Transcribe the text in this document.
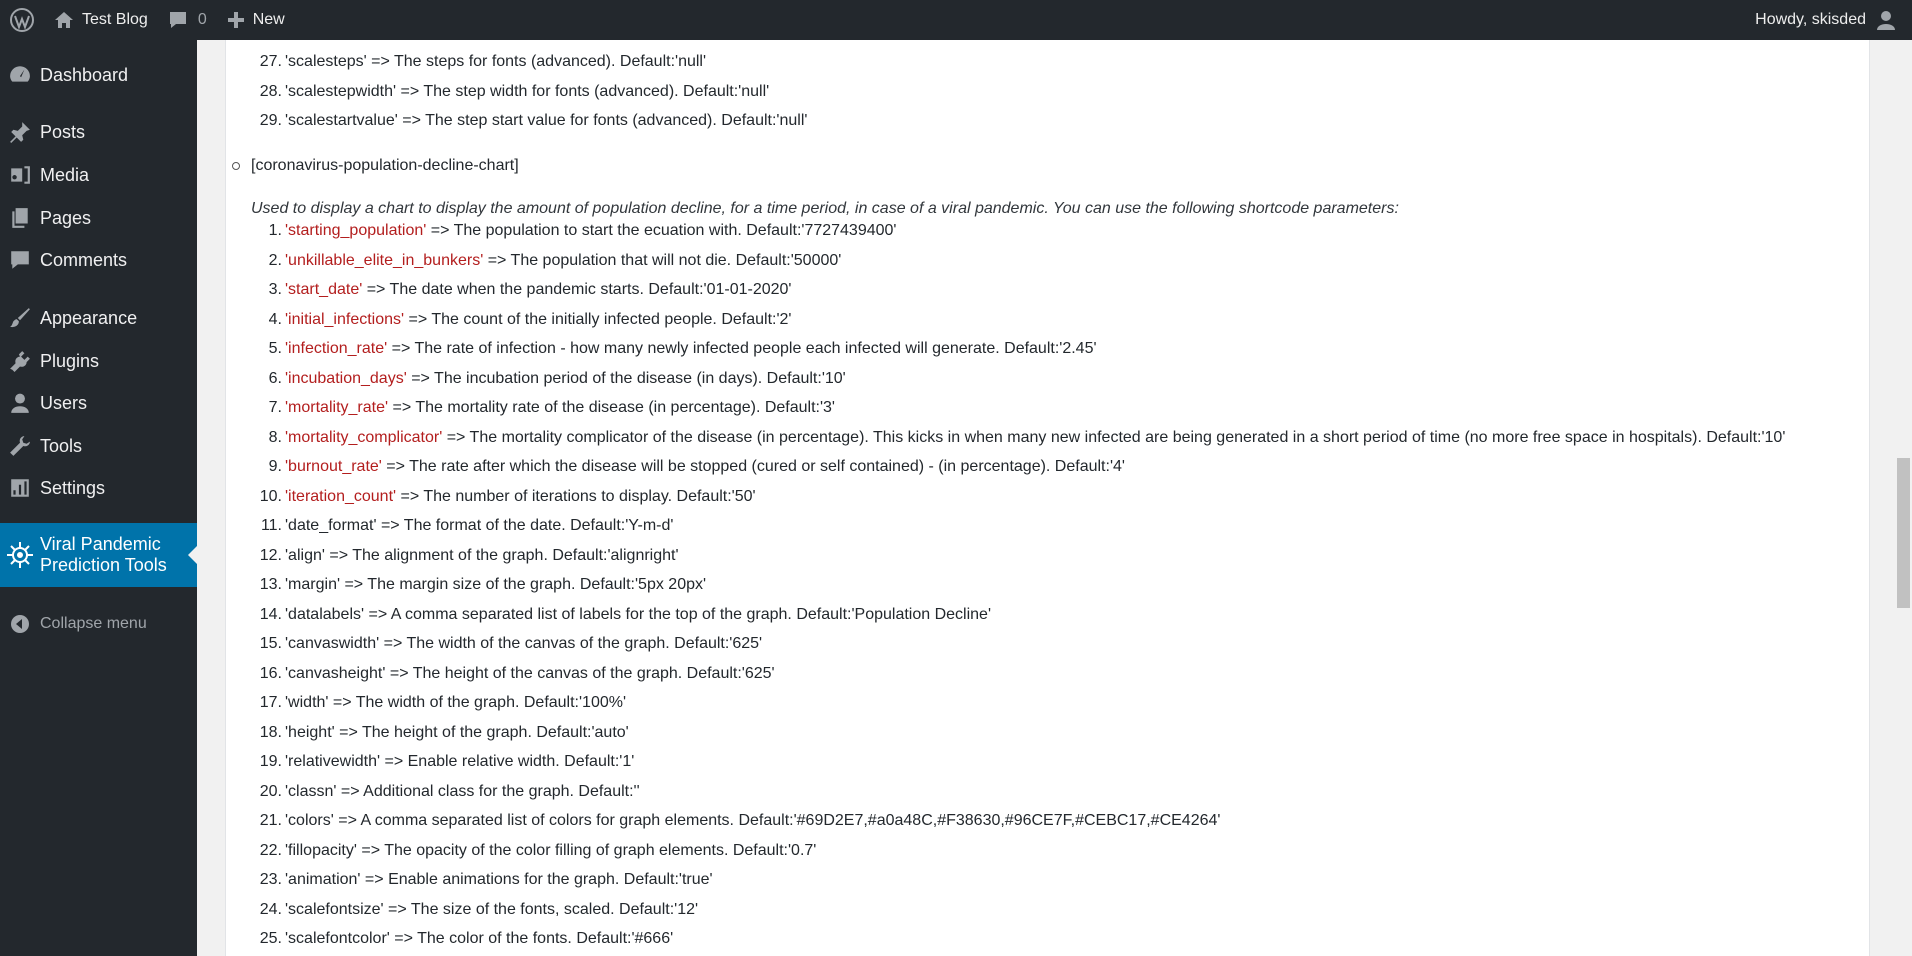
Test Blog	0	New	Howdy, skisded
Dashboard
Posts
Media
Pages
Comments
Appearance
Plugins
Users
Tools
Settings
Viral Pandemic
Prediction Tools
Collapse menu
27. 'scalesteps' => The steps for fonts (advanced). Default:'null'
28. 'scalestepwidth' => The step width for fonts (advanced). Default:'null'
29. 'scalestartvalue' => The step start value for fonts (advanced). Default:'null'
[coronavirus-population-decline-chart]
Used to display a chart to display the amount of population decline, for a time period, in case of a viral pandemic. You can use the following shortcode parameters:
1. 'starting_population' => The population to start the ecuation with. Default:'7727439400'
2. 'unkillable_elite_in_bunkers' => The population that will not die. Default:'50000'
3. 'start_date' => The date when the pandemic starts. Default:'01-01-2020'
4. 'initial_infections' => The count of the initially infected people. Default:'2'
5. 'infection_rate' => The rate of infection - how many newly infected people each infected will generate. Default:'2.45'
6. 'incubation_days' => The incubation period of the disease (in days). Default:'10'
7. 'mortality_rate' => The mortality rate of the disease (in percentage). Default:'3'
8. 'mortality_complicator' => The mortality complicator of the disease (in percentage). This kicks in when many new infected are being generated in a short period of time (no more free space in hospitals). Default:'10'
9. 'burnout_rate' => The rate after which the disease will be stopped (cured or self contained) - (in percentage). Default:'4'
10. 'iteration_count' => The number of iterations to display. Default:'50'
11. 'date_format' => The format of the date. Default:'Y-m-d'
12. 'align' => The alignment of the graph. Default:'alignright'
13. 'margin' => The margin size of the graph. Default:'5px 20px'
14. 'datalabels' => A comma separated list of labels for the top of the graph. Default:'Population Decline'
15. 'canvaswidth' => The width of the canvas of the graph. Default:'625'
16. 'canvasheight' => The height of the canvas of the graph. Default:'625'
17. 'width' => The width of the graph. Default:'100%'
18. 'height' => The height of the graph. Default:'auto'
19. 'relativewidth' => Enable relative width. Default:'1'
20. 'classn' => Additional class for the graph. Default:''
21. 'colors' => A comma separated list of colors for graph elements. Default:'#69D2E7,#a0a48C,#F38630,#96CE7F,#CEBC17,#CE4264'
22. 'fillopacity' => The opacity of the color filling of graph elements. Default:'0.7'
23. 'animation' => Enable animations for the graph. Default:'true'
24. 'scalefontsize' => The size of the fonts, scaled. Default:'12'
25. 'scalefontcolor' => The color of the fonts. Default:'#666'
